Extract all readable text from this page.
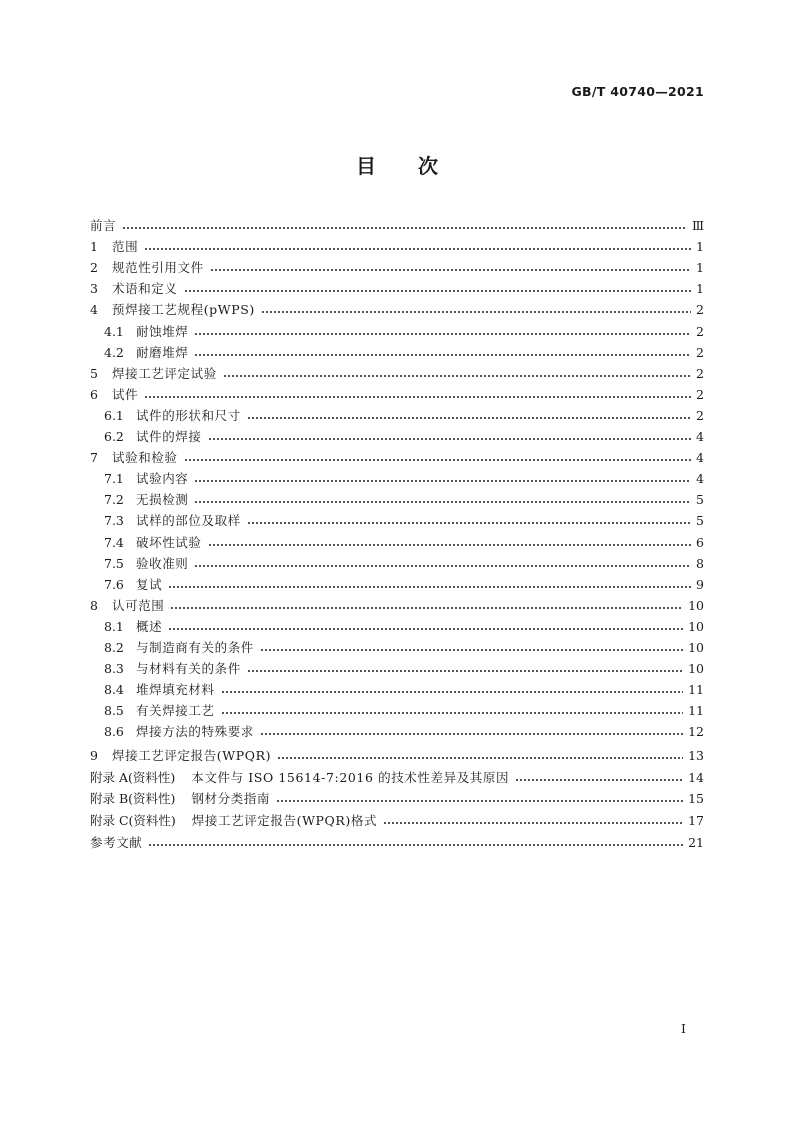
GB/T 40740—2021
目次
前言	Ⅲ
1	范围	1
2	规范性引用文件	1
3	术语和定义	1
4	预焊接工艺规程(pWPS)	2
4.1 耐蚀堆焊	2
4.2 耐磨堆焊	2
5	焊接工艺评定试验	2
6	试件	2
6.1 试件的形状和尺寸	2
6.2 试件的焊接	4
7	试验和检验	4
7.1 试验内容	4
7.2 无损检测	5
7.3 试样的部位及取样	5
7.4 破坏性试验	6
7.5 验收准则	8
7.6 复试	9
8	认可范围	10
8.1 概述	10
8.2 与制造商有关的条件	10
8.3 与材料有关的条件	10
8.4 堆焊填充材料	11
8.5 有关焊接工艺	11
8.6 焊接方法的特殊要求	12
9	焊接工艺评定报告(WPQR)	13
附录 A(资料性) 本文件与 ISO 15614-7:2016 的技术性差异及其原因	14
附录 B(资料性) 钢材分类指南	15
附录 C(资料性) 焊接工艺评定报告(WPQR)格式	17
参考文献	21
I
